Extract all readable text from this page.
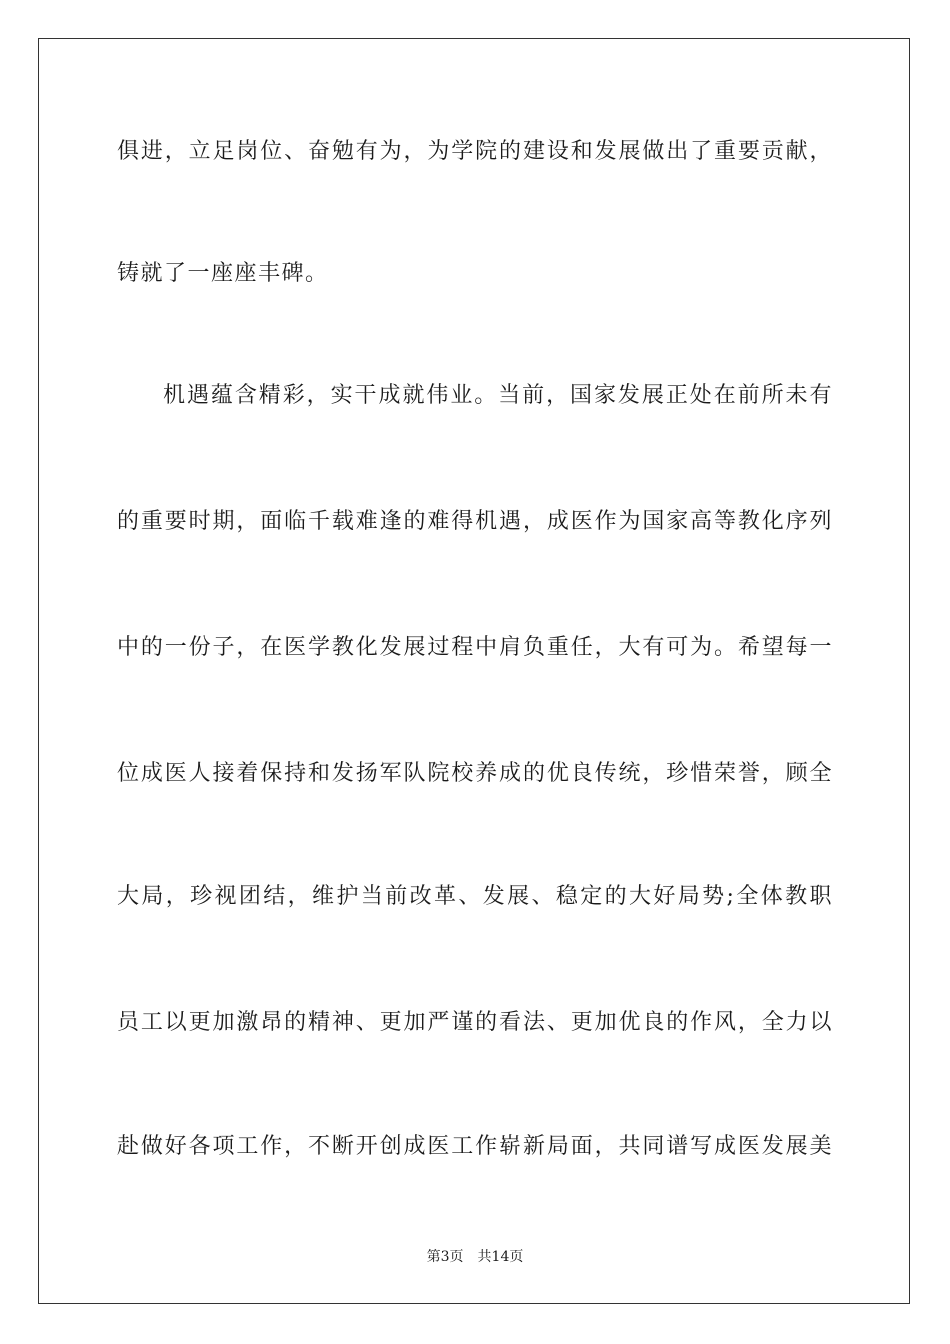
俱进，立足岗位、奋勉有为，为学院的建设和发展做出了重要贡献，
铸就了一座座丰碑。
机遇蕴含精彩，实干成就伟业。当前，国家发展正处在前所未有
的重要时期，面临千载难逢的难得机遇，成医作为国家高等教化序列
中的一份子，在医学教化发展过程中肩负重任，大有可为。希望每一
位成医人接着保持和发扬军队院校养成的优良传统，珍惜荣誉，顾全
大局，珍视团结，维护当前改革、发展、稳定的大好局势;全体教职
员工以更加激昂的精神、更加严谨的看法、更加优良的作风，全力以
赴做好各项工作，不断开创成医工作崭新局面，共同谱写成医发展美
第3页 共14页
